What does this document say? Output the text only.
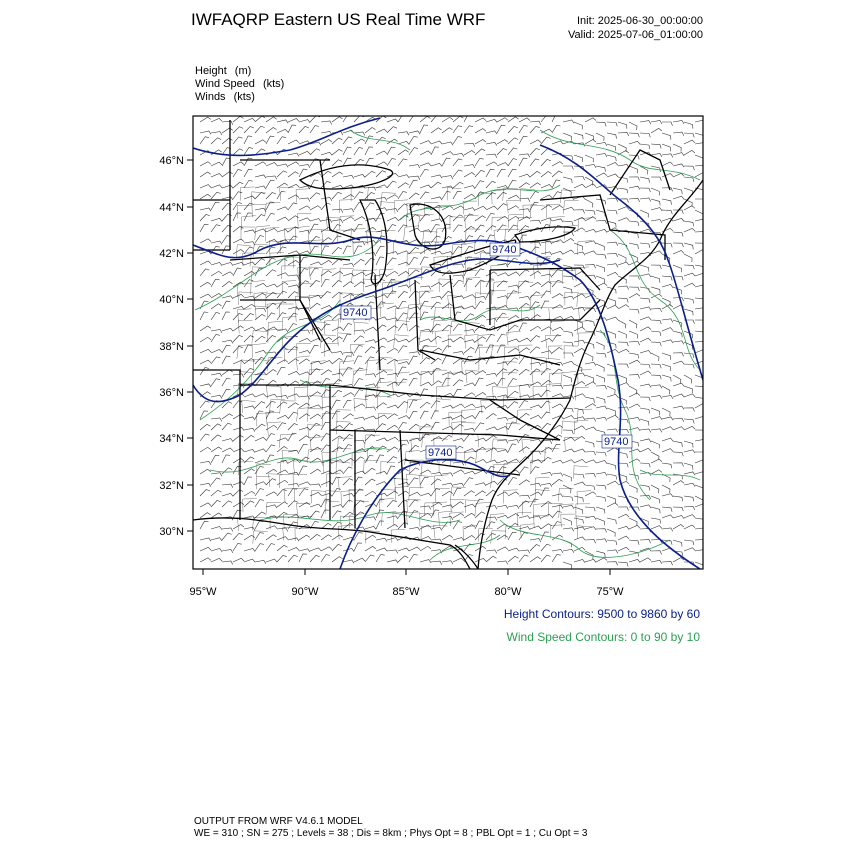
IWFAQRP Eastern US Real Time WRF	Init: 2025-06-30_00:00:00
Valid: 2025-07-06_01:00:00
Height (m)
Wind Speed (kts)
Winds (kts)
9740
9740
9740
9740
46°N
44°N
42°N
40°N
38°N
36°N
34°N
32°N
30°N
95°W	90°W	85°W	80°W	75°W
Height Contours: 9500 to 9860 by 60
Wind Speed Contours: 0 to 90 by 10
OUTPUT FROM WRF V4.6.1 MODEL
WE = 310 ; SN = 275 ; Levels = 38 ; Dis = 8km ; Phys Opt = 8 ; PBL Opt = 1 ; Cu Opt = 3
